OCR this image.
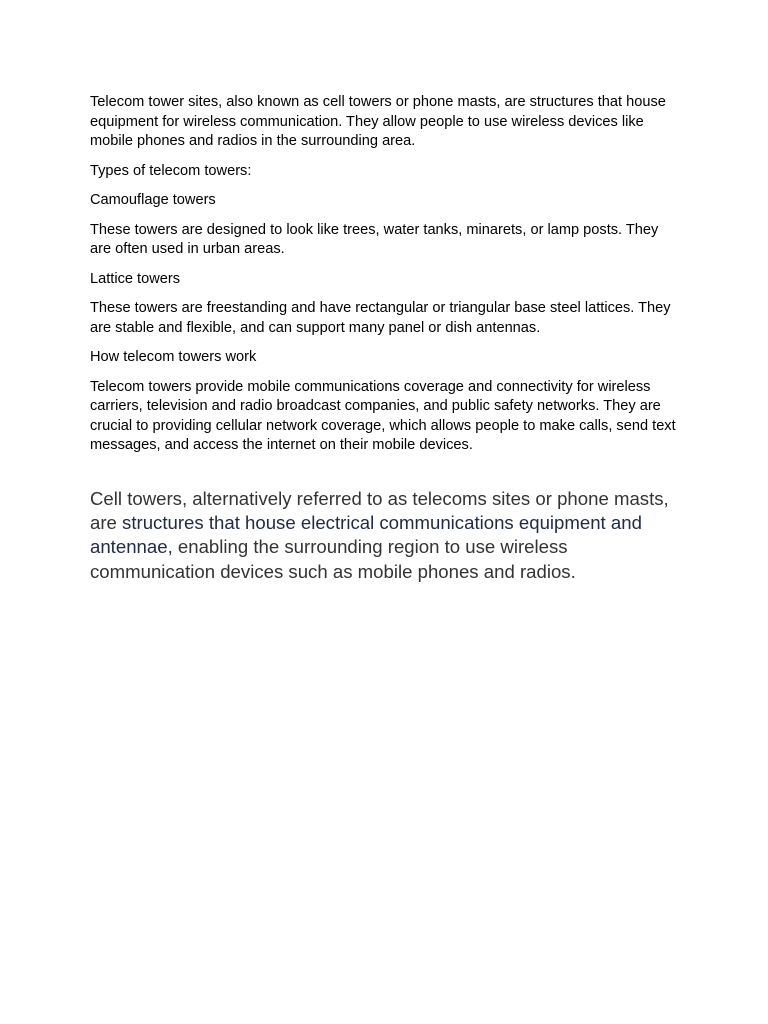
Telecom tower sites, also known as cell towers or phone masts, are structures that house equipment for wireless communication. They allow people to use wireless devices like mobile phones and radios in the surrounding area.

Types of telecom towers:

Camouflage towers

These towers are designed to look like trees, water tanks, minarets, or lamp posts. They are often used in urban areas.

Lattice towers

These towers are freestanding and have rectangular or triangular base steel lattices. They are stable and flexible, and can support many panel or dish antennas.

How telecom towers work

Telecom towers provide mobile communications coverage and connectivity for wireless carriers, television and radio broadcast companies, and public safety networks. They are crucial to providing cellular network coverage, which allows people to make calls, send text messages, and access the internet on their mobile devices.

Cell towers, alternatively referred to as telecoms sites or phone masts, are structures that house electrical communications equipment and antennae, enabling the surrounding region to use wireless communication devices such as mobile phones and radios.
